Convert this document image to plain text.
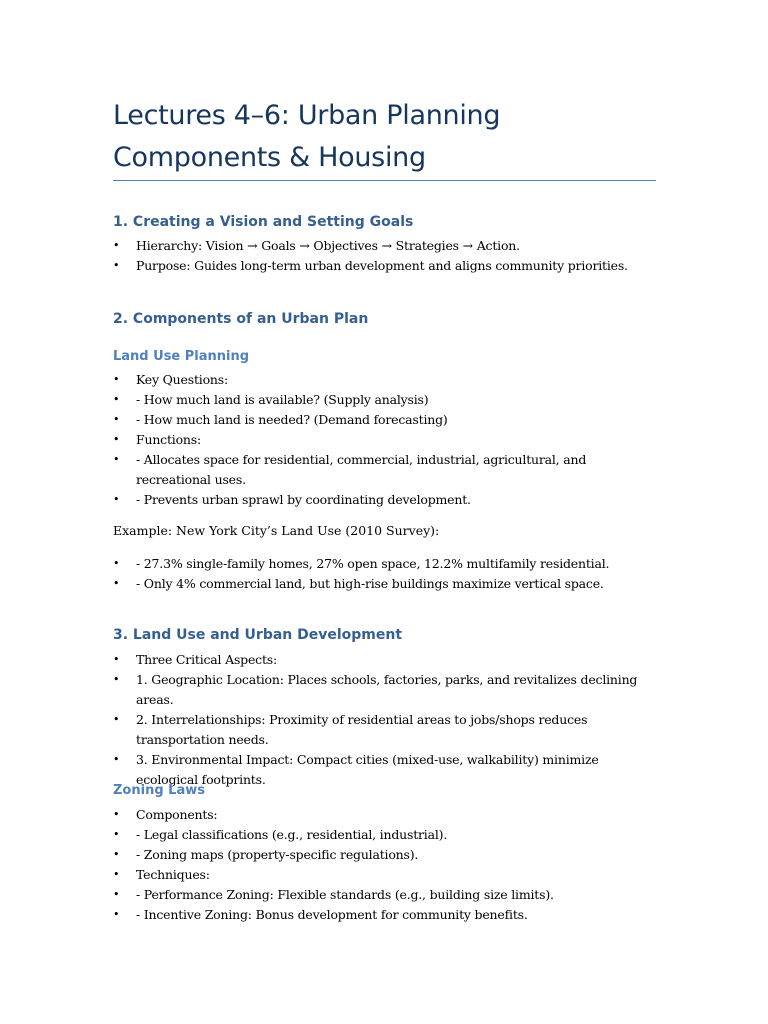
Lectures 4–6: Urban Planning
Components & Housing
1. Creating a Vision and Setting Goals
•	Hierarchy: Vision → Goals → Objectives → Strategies → Action.
•	Purpose: Guides long-term urban development and aligns community priorities.
2. Components of an Urban Plan
Land Use Planning
•	Key Questions:
•	- How much land is available? (Supply analysis)
•	- How much land is needed? (Demand forecasting)
•	Functions:
•	- Allocates space for residential, commercial, industrial, agricultural, and recreational uses.
•	- Prevents urban sprawl by coordinating development.
Example: New York City’s Land Use (2010 Survey):
•	- 27.3% single-family homes, 27% open space, 12.2% multifamily residential.
•	- Only 4% commercial land, but high-rise buildings maximize vertical space.
3. Land Use and Urban Development
•	Three Critical Aspects:
•	1. Geographic Location: Places schools, factories, parks, and revitalizes declining areas.
•	2. Interrelationships: Proximity of residential areas to jobs/shops reduces transportation needs.
•	3. Environmental Impact: Compact cities (mixed-use, walkability) minimize ecological footprints.
Zoning Laws
•	Components:
•	- Legal classifications (e.g., residential, industrial).
•	- Zoning maps (property-specific regulations).
•	Techniques:
•	- Performance Zoning: Flexible standards (e.g., building size limits).
•	- Incentive Zoning: Bonus development for community benefits.
